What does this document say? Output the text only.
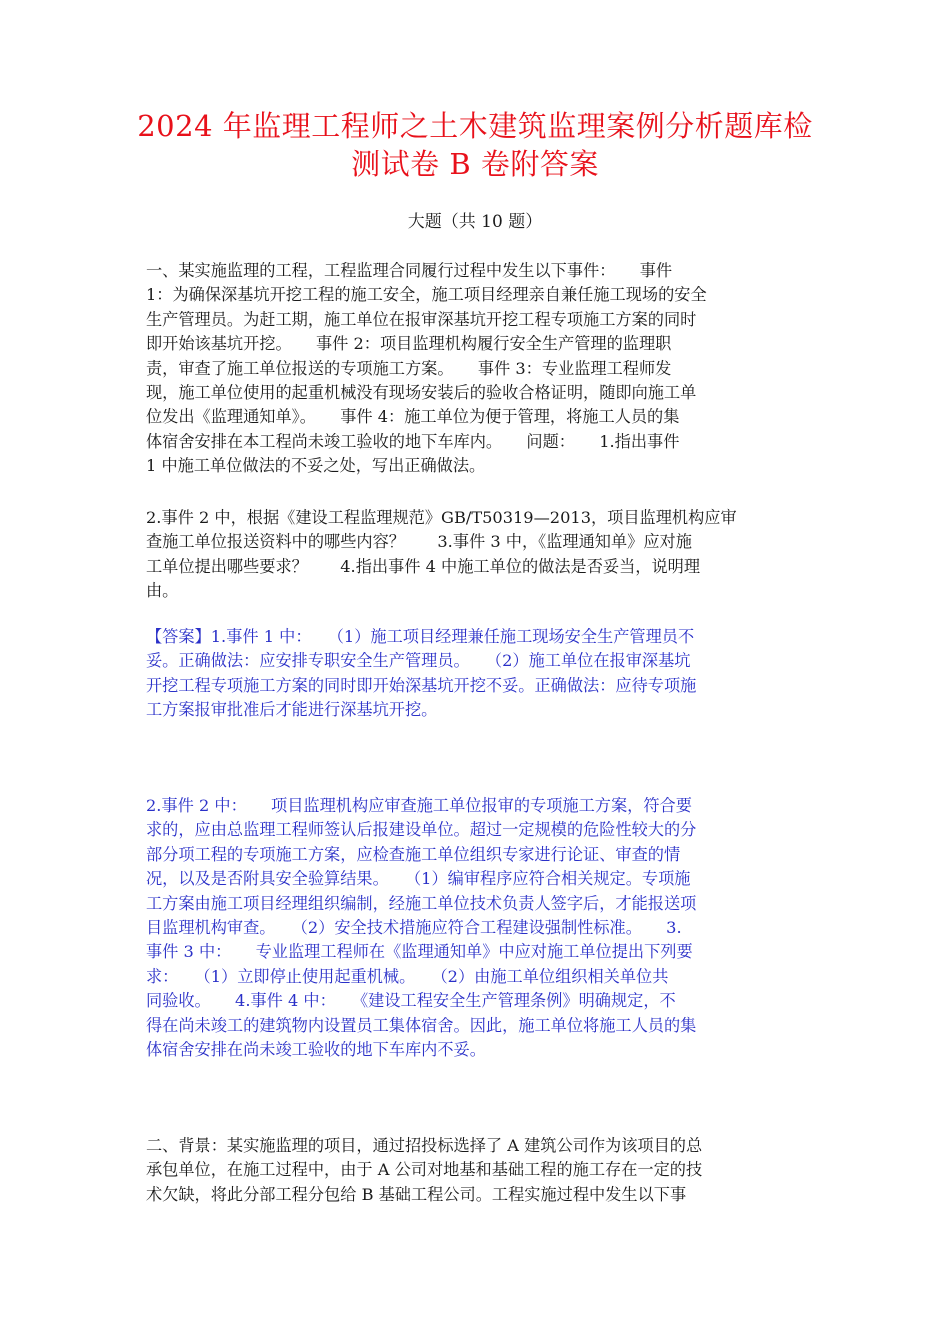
2024 年监理工程师之土木建筑监理案例分析题库检
测试卷 B 卷附答案
大题（共 10 题）
一、某实施监理的工程，工程监理合同履行过程中发生以下事件：　　事件
1：为确保深基坑开挖工程的施工安全，施工项目经理亲自兼任施工现场的安全
生产管理员。为赶工期，施工单位在报审深基坑开挖工程专项施工方案的同时
即开始该基坑开挖。　　事件 2：项目监理机构履行安全生产管理的监理职
责，审查了施工单位报送的专项施工方案。　　事件 3：专业监理工程师发
现，施工单位使用的起重机械没有现场安装后的验收合格证明，随即向施工单
位发出《监理通知单》。　　事件 4：施工单位为便于管理，将施工人员的集
体宿舍安排在本工程尚未竣工验收的地下车库内。　　问题：　　1.指出事件
1 中施工单位做法的不妥之处，写出正确做法。
2.事件 2 中，根据《建设工程监理规范》GB/T50319—2013，项目监理机构应审
查施工单位报送资料中的哪些内容？　　3.事件 3 中，《监理通知单》应对施
工单位提出哪些要求？　　4.指出事件 4 中施工单位的做法是否妥当，说明理
由。
【答案】1.事件 1 中：　　（1）施工项目经理兼任施工现场安全生产管理员不
妥。正确做法：应安排专职安全生产管理员。　　（2）施工单位在报审深基坑
开挖工程专项施工方案的同时即开始深基坑开挖不妥。正确做法：应待专项施
工方案报审批准后才能进行深基坑开挖。
2.事件 2 中：　　项目监理机构应审查施工单位报审的专项施工方案，符合要
求的，应由总监理工程师签认后报建设单位。超过一定规模的危险性较大的分
部分项工程的专项施工方案，应检查施工单位组织专家进行论证、审查的情
况，以及是否附具安全验算结果。　　（1）编审程序应符合相关规定。专项施
工方案由施工项目经理组织编制，经施工单位技术负责人签字后，才能报送项
目监理机构审查。　　（2）安全技术措施应符合工程建设强制性标准。　　3.
事件 3 中：　　专业监理工程师在《监理通知单》中应对施工单位提出下列要
求：　　（1）立即停止使用起重机械。　　（2）由施工单位组织相关单位共
同验收。　　4.事件 4 中：　　《建设工程安全生产管理条例》明确规定，不
得在尚未竣工的建筑物内设置员工集体宿舍。因此，施工单位将施工人员的集
体宿舍安排在尚未竣工验收的地下车库内不妥。
二、背景：某实施监理的项目，通过招投标选择了 A 建筑公司作为该项目的总
承包单位，在施工过程中，由于 A 公司对地基和基础工程的施工存在一定的技
术欠缺，将此分部工程分包给 B 基础工程公司。工程实施过程中发生以下事
